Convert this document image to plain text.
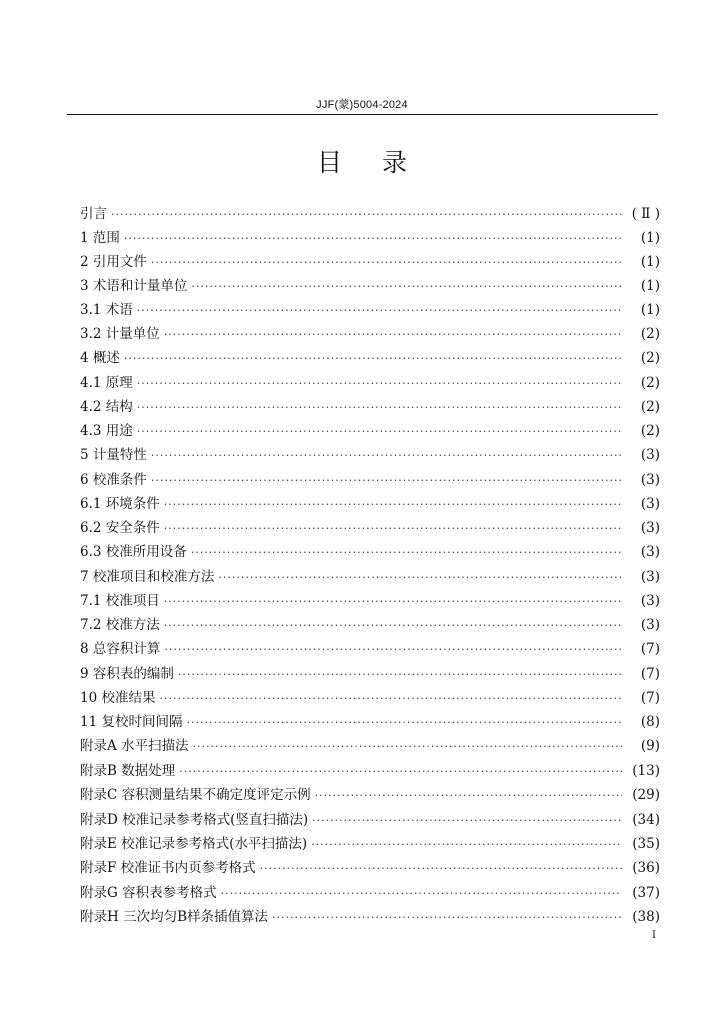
JJF(蒙)5004-2024
目 录
引言 ·····	( Ⅱ )
1 范围 ·····	(1)
2 引用文件 ·····	(1)
3 术语和计量单位 ·····	(1)
3.1 术语 ·····	(1)
3.2 计量单位 ·····	(2)
4 概述 ·····	(2)
4.1 原理 ·····	(2)
4.2 结构 ·····	(2)
4.3 用途 ·····	(2)
5 计量特性 ·····	(3)
6 校准条件 ·····	(3)
6.1 环境条件 ·····	(3)
6.2 安全条件 ·····	(3)
6.3 校准所用设备 ·····	(3)
7 校准项目和校准方法 ·····	(3)
7.1 校准项目 ·····	(3)
7.2 校准方法 ·····	(3)
8 总容积计算 ·····	(7)
9 容积表的编制 ·····	(7)
10 校准结果 ·····	(7)
11 复校时间间隔 ·····	(8)
附录A 水平扫描法 ·····	(9)
附录B 数据处理 ·····	(13)
附录C 容积测量结果不确定度评定示例 ·····	(29)
附录D 校准记录参考格式(竖直扫描法) ·····	(34)
附录E 校准记录参考格式(水平扫描法) ·····	(35)
附录F 校准证书内页参考格式 ·····	(36)
附录G 容积表参考格式 ·····	(37)
附录H 三次均匀B样条插值算法 ·····	(38)
I
